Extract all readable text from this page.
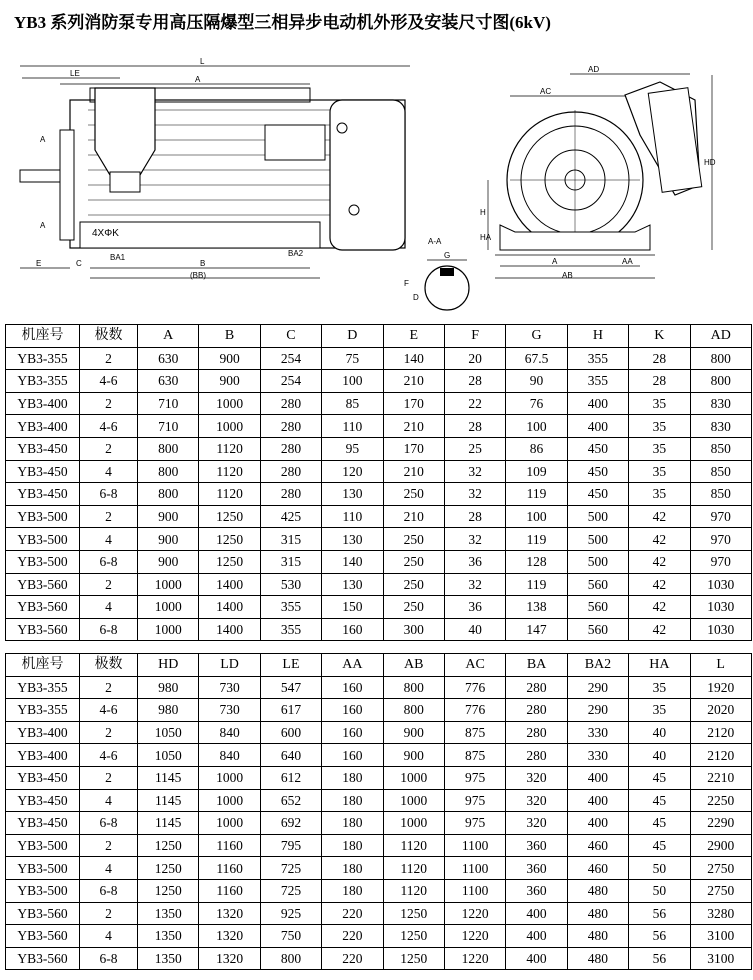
YB3 系列消防泵专用高压隔爆型三相异步电动机外形及安装尺寸图(6kV)
L
LE
A
4XΦK
A
A
E	C
BA1	BA2
B
(BB)
A-A
G
F
D
AD
AC
A	AA
AB
HD
H
HA
机座号	极数	A	B	C	D	E	F	G	H	K	AD
YB3-355	2	630	900	254	75	140	20	67.5	355	28	800
YB3-355	4-6	630	900	254	100	210	28	90	355	28	800
YB3-400	2	710	1000	280	85	170	22	76	400	35	830
YB3-400	4-6	710	1000	280	110	210	28	100	400	35	830
YB3-450	2	800	1120	280	95	170	25	86	450	35	850
YB3-450	4	800	1120	280	120	210	32	109	450	35	850
YB3-450	6-8	800	1120	280	130	250	32	119	450	35	850
YB3-500	2	900	1250	425	110	210	28	100	500	42	970
YB3-500	4	900	1250	315	130	250	32	119	500	42	970
YB3-500	6-8	900	1250	315	140	250	36	128	500	42	970
YB3-560	2	1000	1400	530	130	250	32	119	560	42	1030
YB3-560	4	1000	1400	355	150	250	36	138	560	42	1030
YB3-560	6-8	1000	1400	355	160	300	40	147	560	42	1030
机座号	极数	HD	LD	LE	AA	AB	AC	BA	BA2	HA	L
YB3-355	2	980	730	547	160	800	776	280	290	35	1920
YB3-355	4-6	980	730	617	160	800	776	280	290	35	2020
YB3-400	2	1050	840	600	160	900	875	280	330	40	2120
YB3-400	4-6	1050	840	640	160	900	875	280	330	40	2120
YB3-450	2	1145	1000	612	180	1000	975	320	400	45	2210
YB3-450	4	1145	1000	652	180	1000	975	320	400	45	2250
YB3-450	6-8	1145	1000	692	180	1000	975	320	400	45	2290
YB3-500	2	1250	1160	795	180	1120	1100	360	460	45	2900
YB3-500	4	1250	1160	725	180	1120	1100	360	460	50	2750
YB3-500	6-8	1250	1160	725	180	1120	1100	360	480	50	2750
YB3-560	2	1350	1320	925	220	1250	1220	400	480	56	3280
YB3-560	4	1350	1320	750	220	1250	1220	400	480	56	3100
YB3-560	6-8	1350	1320	800	220	1250	1220	400	480	56	3100
